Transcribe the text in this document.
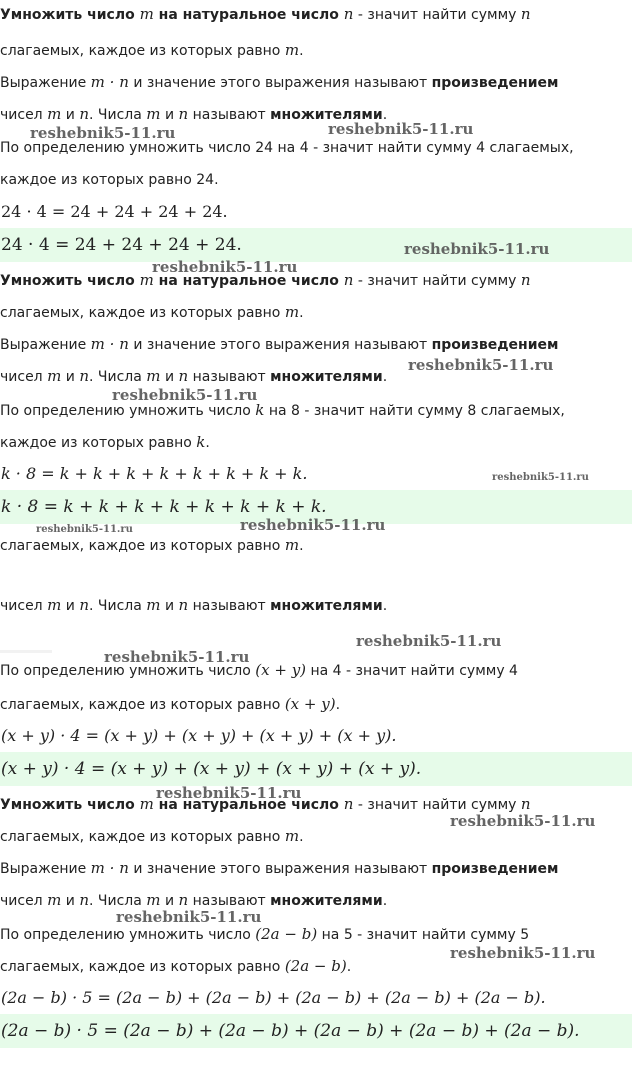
Умножить число m на натуральное число n - значит найти сумму n
слагаемых, каждое из которых равно m.
Выражение m · n и значение этого выражения называют произведением
чисел m и n. Числа m и n называют множителями.
По определению умножить число 24 на 4 - значит найти сумму 4 слагаемых,
каждое из которых равно 24.
24 · 4 = 24 + 24 + 24 + 24.
24 · 4 = 24 + 24 + 24 + 24.
Умножить число m на натуральное число n - значит найти сумму n
слагаемых, каждое из которых равно m.
Выражение m · n и значение этого выражения называют произведением
чисел m и n. Числа m и n называют множителями.
По определению умножить число k на 8 - значит найти сумму 8 слагаемых,
каждое из которых равно k.
k · 8 = k + k + k + k + k + k + k + k.
k · 8 = k + k + k + k + k + k + k + k.
слагаемых, каждое из которых равно m.
чисел m и n. Числа m и n называют множителями.
По определению умножить число (x + y) на 4 - значит найти сумму 4
слагаемых, каждое из которых равно (x + y).
(x + y) · 4 = (x + y) + (x + y) + (x + y) + (x + y).
(x + y) · 4 = (x + y) + (x + y) + (x + y) + (x + y).
Умножить число m на натуральное число n - значит найти сумму n
слагаемых, каждое из которых равно m.
Выражение m · n и значение этого выражения называют произведением
чисел m и n. Числа m и n называют множителями.
По определению умножить число (2a − b) на 5 - значит найти сумму 5
слагаемых, каждое из которых равно (2a − b).
(2a − b) · 5 = (2a − b) + (2a − b) + (2a − b) + (2a − b) + (2a − b).
(2a − b) · 5 = (2a − b) + (2a − b) + (2a − b) + (2a − b) + (2a − b).
reshebnik5-11.ru	reshebnik5-11.ru
reshebnik5-11.ru
reshebnik5-11.ru
reshebnik5-11.ru
reshebnik5-11.ru
reshebnik5-11.ru
reshebnik5-11.ru	reshebnik5-11.ru
reshebnik5-11.ru
reshebnik5-11.ru
reshebnik5-11.ru
reshebnik5-11.ru
reshebnik5-11.ru
reshebnik5-11.ru
